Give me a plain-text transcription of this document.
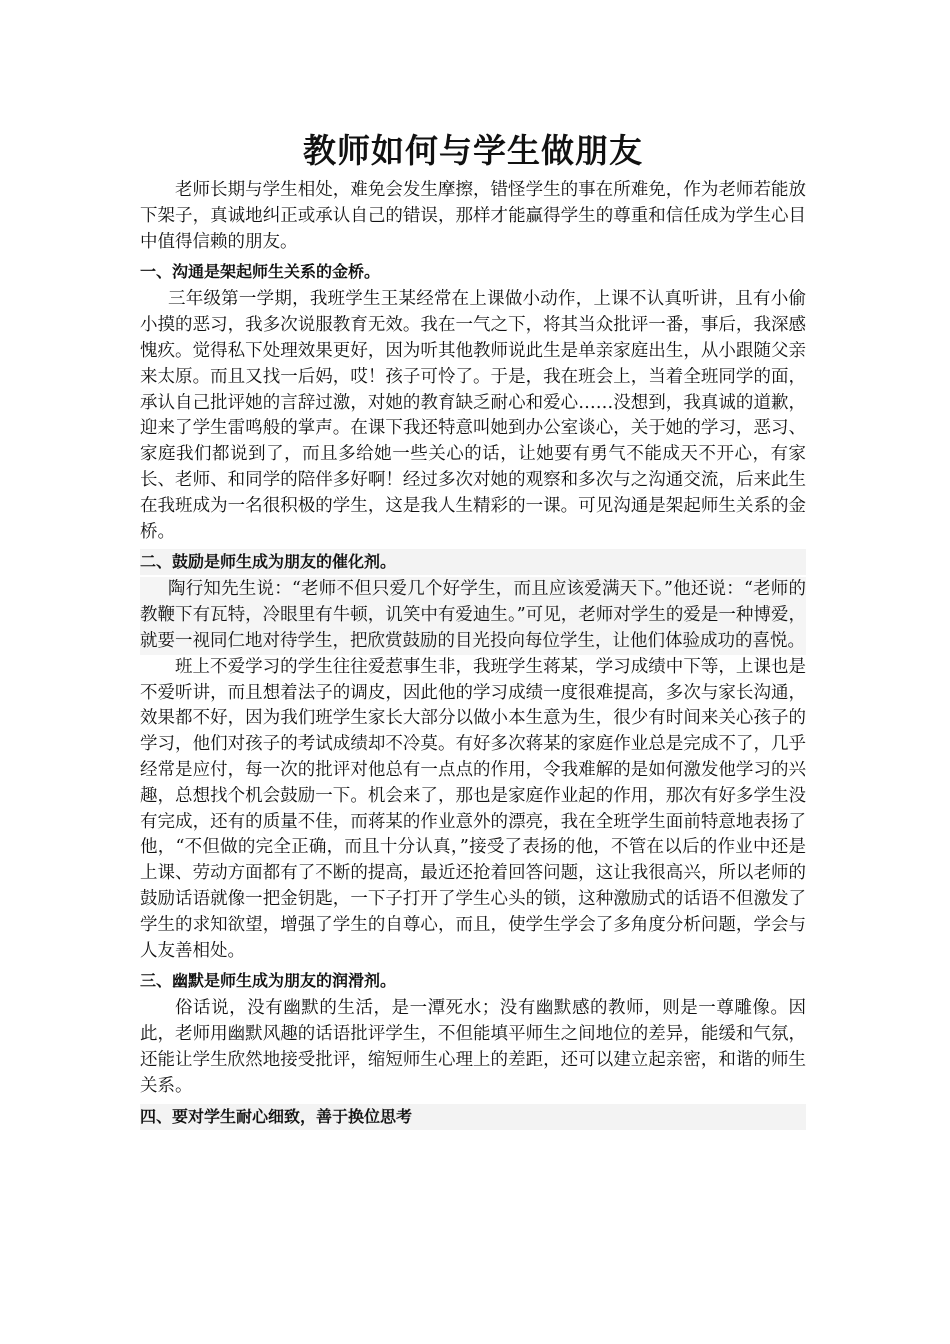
教师如何与学生做朋友

老师长期与学生相处，难免会发生摩擦，错怪学生的事在所难免，作为老师若能放下架子，真诚地纠正或承认自己的错误，那样才能赢得学生的尊重和信任成为学生心目中值得信赖的朋友。

一、沟通是架起师生关系的金桥。

三年级第一学期，我班学生王某经常在上课做小动作，上课不认真听讲，且有小偷小摸的恶习，我多次说服教育无效。我在一气之下，将其当众批评一番，事后，我深感愧疚。觉得私下处理效果更好，因为听其他教师说此生是单亲家庭出生，从小跟随父亲来太原。而且又找一后妈，哎！孩子可怜了。于是，我在班会上，当着全班同学的面，承认自己批评她的言辞过激，对她的教育缺乏耐心和爱心……没想到，我真诚的道歉，迎来了学生雷鸣般的掌声。在课下我还特意叫她到办公室谈心，关于她的学习，恶习、家庭我们都说到了，而且多给她一些关心的话，让她要有勇气不能成天不开心，有家长、老师、和同学的陪伴多好啊！经过多次对她的观察和多次与之沟通交流，后来此生在我班成为一名很积极的学生，这是我人生精彩的一课。可见沟通是架起师生关系的金桥。

二、鼓励是师生成为朋友的催化剂。

陶行知先生说：“老师不但只爱几个好学生，而且应该爱满天下。”他还说：“老师的教鞭下有瓦特，冷眼里有牛顿，讥笑中有爱迪生。”可见，老师对学生的爱是一种博爱，就要一视同仁地对待学生，把欣赏鼓励的目光投向每位学生，让他们体验成功的喜悦。

班上不爱学习的学生往往爱惹事生非，我班学生蒋某，学习成绩中下等，上课也是不爱听讲，而且想着法子的调皮，因此他的学习成绩一度很难提高，多次与家长沟通，效果都不好，因为我们班学生家长大部分以做小本生意为生，很少有时间来关心孩子的学习，他们对孩子的考试成绩却不冷莫。有好多次蒋某的家庭作业总是完成不了，几乎经常是应付，每一次的批评对他总有一点点的作用，令我难解的是如何激发他学习的兴趣，总想找个机会鼓励一下。机会来了，那也是家庭作业起的作用，那次有好多学生没有完成，还有的质量不佳，而蒋某的作业意外的漂亮，我在全班学生面前特意地表扬了他，“不但做的完全正确，而且十分认真，”接受了表扬的他，不管在以后的作业中还是上课、劳动方面都有了不断的提高，最近还抢着回答问题，这让我很高兴，所以老师的鼓励话语就像一把金钥匙，一下子打开了学生心头的锁，这种激励式的话语不但激发了学生的求知欲望，增强了学生的自尊心，而且，使学生学会了多角度分析问题，学会与人友善相处。

三、幽默是师生成为朋友的润滑剂。

俗话说，没有幽默的生活，是一潭死水；没有幽默感的教师，则是一尊雕像。因此，老师用幽默风趣的话语批评学生，不但能填平师生之间地位的差异，能缓和气氛，还能让学生欣然地接受批评，缩短师生心理上的差距，还可以建立起亲密，和谐的师生关系。

四、要对学生耐心细致，善于换位思考
